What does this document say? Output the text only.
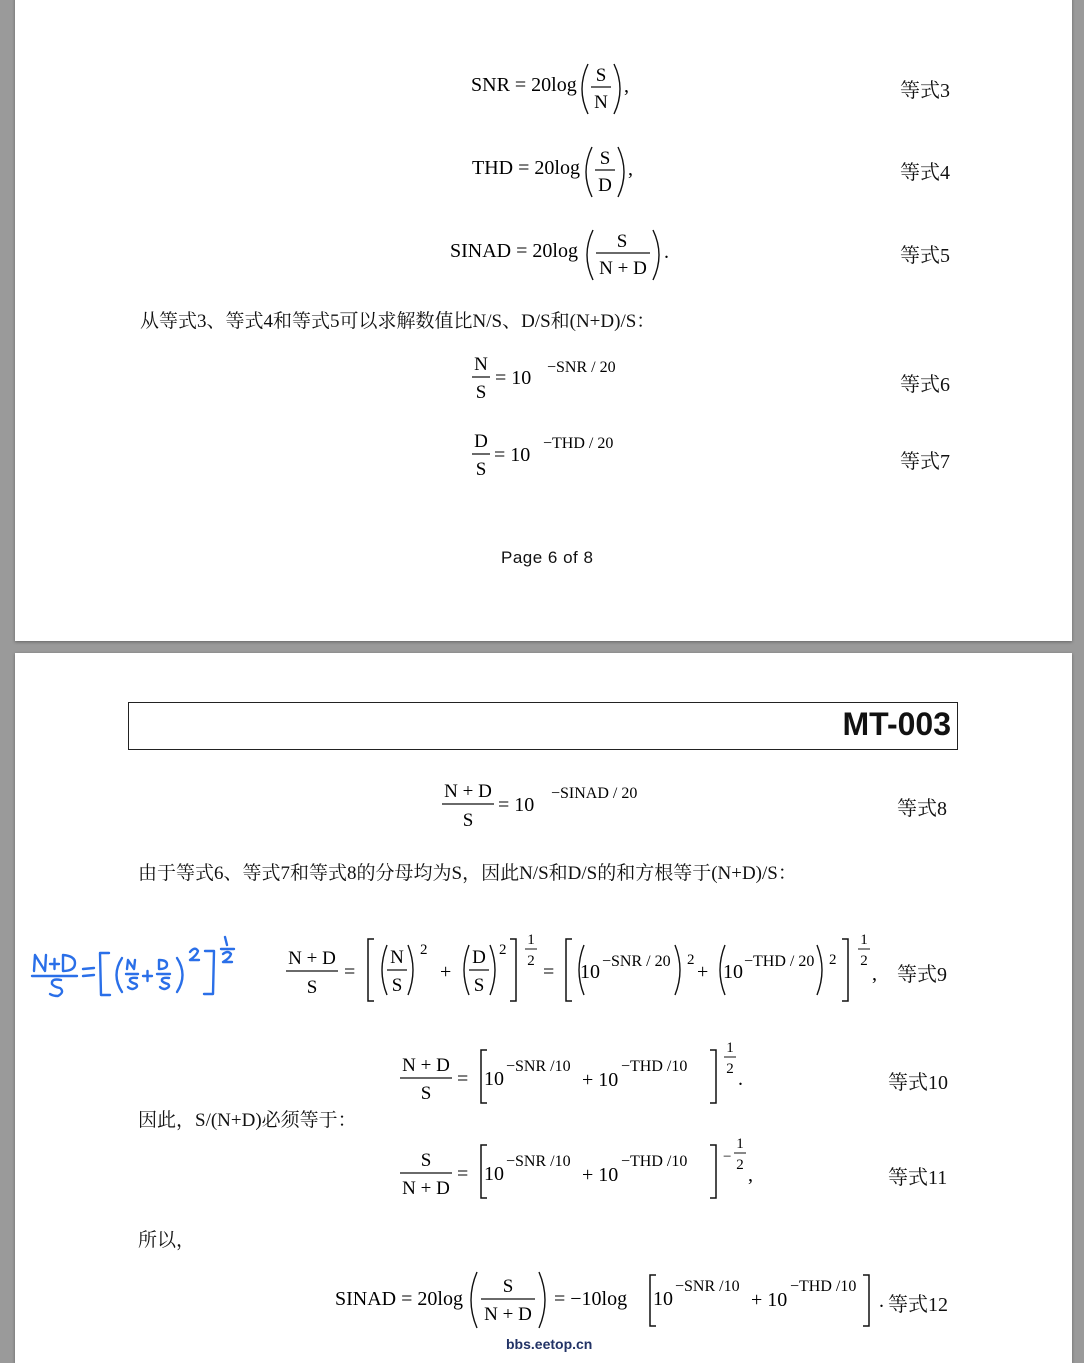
SNR = 20log S
N
,	等式3
THD = 20log S
D
,	等式4
SINAD = 20log S
N + D
.	等式5
从等式3、等式4和等式5可以求解数值比N/S、D/S和(N+D)/S：
N
S
= 10 −SNR / 20
等式6
D
S
= 10
−THD / 20
等式7
Page 6 of 8
MT-003
N + D
S
= 10
−SINAD / 20
等式8
由于等式6、等式7和等式8的分母均为S，因此N/S和D/S的和方根等于(N+D)/S：
N + D
S
=
N
S
2
+
D
S
2
1
2 = 10 −SNR / 20 2
+ 10 −THD / 20 2
1
2
, 等式9
N + D
S
= 10
−SNR /10
+ 10
−THD /10
1
2 .	等式10
因此，S/(N+D)必须等于：
S
N + D
= 10
−SNR /10
+ 10
−THD /10 −
1
2 ,	等式11
所以，
SINAD = 20log
S
N + D
= −10log 10
−SNR /10
+ 10
−THD /10
. 等式12
bbs.eetop.cn
